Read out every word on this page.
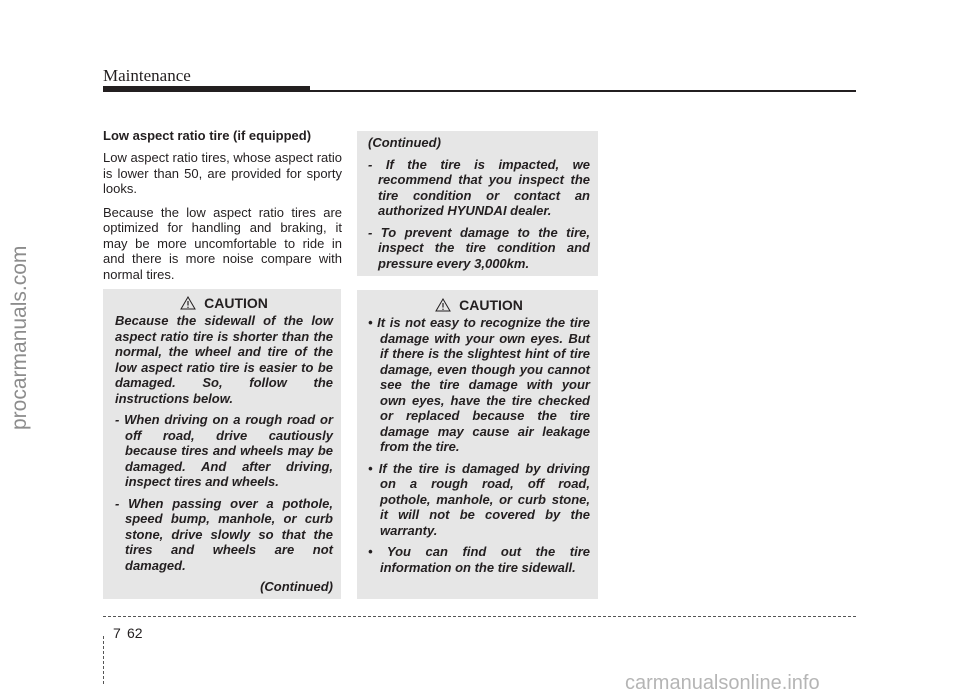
Maintenance
procarmanuals.com
Low aspect ratio tire (if equipped)

Low aspect ratio tires, whose aspect ratio is lower than 50, are provided for sporty looks.

Because the low aspect ratio tires are optimized for handling and braking, it may be more uncomfortable to ride in and there is more noise compare with normal tires.

CAUTION

Because the sidewall of the low aspect ratio tire is shorter than the normal, the wheel and tire of the low aspect ratio tire is easier to be damaged. So, follow the instructions below.

- When driving on a rough road or off road, drive cautiously because tires and wheels may be damaged. And after driving, inspect tires and wheels.

- When passing over a pothole, speed bump, manhole, or curb stone, drive slowly so that the tires and wheels are not damaged.

(Continued)

(Continued)

- If the tire is impacted, we recommend that you inspect the tire condition or contact an authorized HYUNDAI dealer.

- To prevent damage to the tire, inspect the tire condition and pressure every 3,000km.

CAUTION

• It is not easy to recognize the tire damage with your own eyes. But if there is the slightest hint of tire damage, even though you cannot see the tire damage with your own eyes, have the tire checked or replaced because the tire damage may cause air leakage from the tire.

• If the tire is damaged by driving on a rough road, off road, pothole, manhole, or curb stone, it will not be covered by the warranty.

• You can find out the tire information on the tire sidewall.

7 62
carmanualsonline.info
